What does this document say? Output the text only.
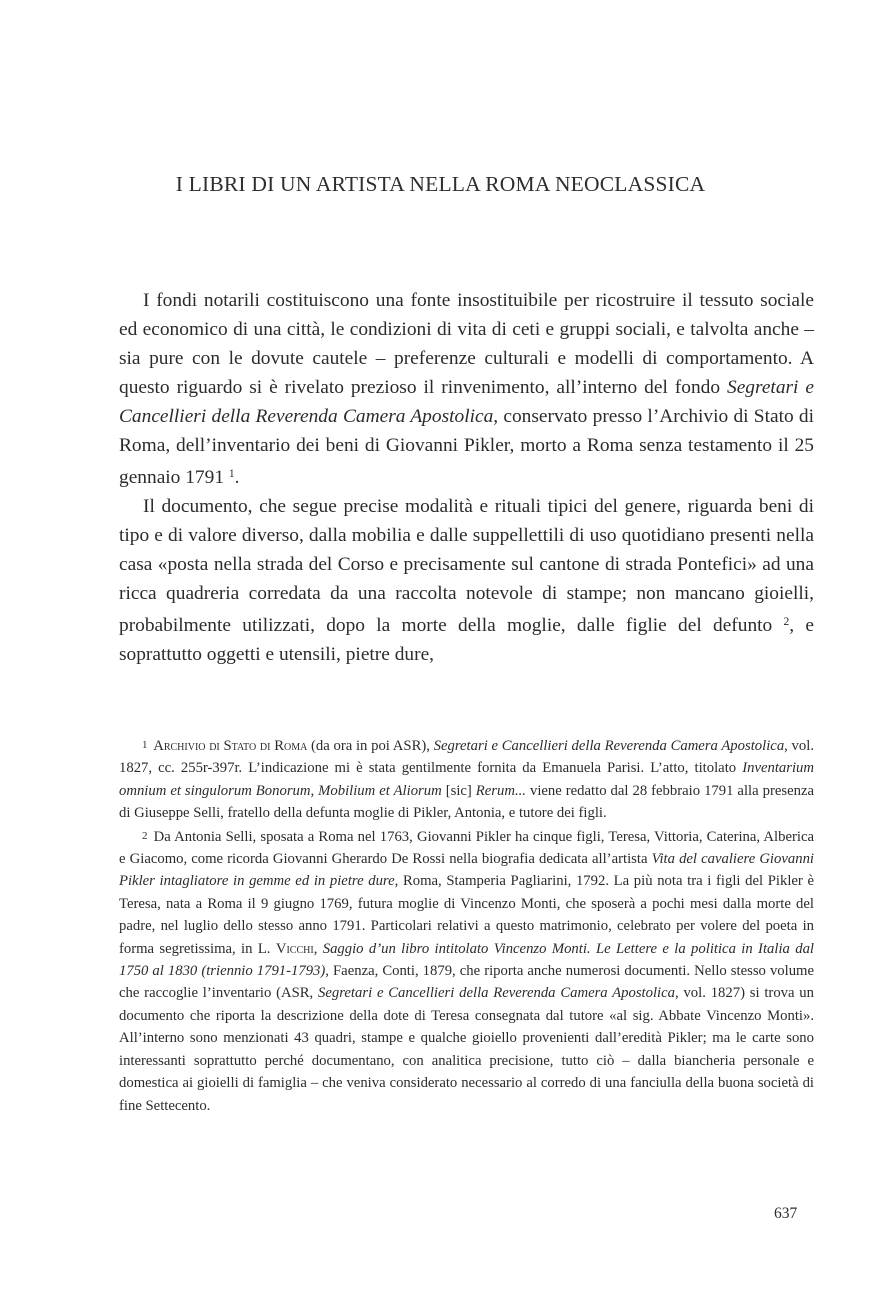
I LIBRI DI UN ARTISTA NELLA ROMA NEOCLASSICA

I fondi notarili costituiscono una fonte insostituibile per ricostruire il tessuto sociale ed economico di una città, le condizioni di vita di ceti e gruppi sociali, e talvolta anche – sia pure con le dovute cautele – preferenze culturali e modelli di comportamento. A questo riguardo si è rivelato prezioso il rinvenimento, all’interno del fondo Segretari e Cancellieri della Reverenda Camera Apostolica, conservato presso l’Archivio di Stato di Roma, dell’inventario dei beni di Giovanni Pikler, morto a Roma senza testamento il 25 gennaio 1791 $^1$.

Il documento, che segue precise modalità e rituali tipici del genere, riguarda beni di tipo e di valore diverso, dalla mobilia e dalle suppellettili di uso quotidiano presenti nella casa «posta nella strada del Corso e precisamente sul cantone di strada Pontefici» ad una ricca quadreria corredata da una raccolta notevole di stampe; non mancano gioielli, probabilmente utilizzati, dopo la morte della moglie, dalle figlie del defunto $^2$, e soprattutto oggetti e utensili, pietre dure,

1 Archivio di Stato di Roma (da ora in poi ASR), Segretari e Cancellieri della Reverenda Camera Apostolica, vol. 1827, cc. 255r-397r. L’indicazione mi è stata gentilmente fornita da Emanuela Parisi. L’atto, titolato Inventarium omnium et singulorum Bonorum, Mobilium et Aliorum [sic] Rerum... viene redatto dal 28 febbraio 1791 alla presenza di Giuseppe Selli, fratello della defunta moglie di Pikler, Antonia, e tutore dei figli.

2 Da Antonia Selli, sposata a Roma nel 1763, Giovanni Pikler ha cinque figli, Teresa, Vittoria, Caterina, Alberica e Giacomo, come ricorda Giovanni Gherardo De Rossi nella biografia dedicata all’artista Vita del cavaliere Giovanni Pikler intagliatore in gemme ed in pietre dure, Roma, Stamperia Pagliarini, 1792. La più nota tra i figli del Pikler è Teresa, nata a Roma il 9 giugno 1769, futura moglie di Vincenzo Monti, che sposerà a pochi mesi dalla morte del padre, nel luglio dello stesso anno 1791. Particolari relativi a questo matrimonio, celebrato per volere del poeta in forma segretissima, in L. Vicchi, Saggio d’un libro intitolato Vincenzo Monti. Le Lettere e la politica in Italia dal 1750 al 1830 (triennio 1791-1793), Faenza, Conti, 1879, che riporta anche numerosi documenti. Nello stesso volume che raccoglie l’inventario (ASR, Segretari e Cancellieri della Reverenda Camera Apostolica, vol. 1827) si trova un documento che riporta la descrizione della dote di Teresa consegnata dal tutore «al sig. Abbate Vincenzo Monti». All’interno sono menzionati 43 quadri, stampe e qualche gioiello provenienti dall’eredità Pikler; ma le carte sono interessanti soprattutto perché documentano, con analitica precisione, tutto ciò – dalla biancheria personale e domestica ai gioielli di famiglia – che veniva considerato necessario al corredo di una fanciulla della buona società di fine Settecento.

637
